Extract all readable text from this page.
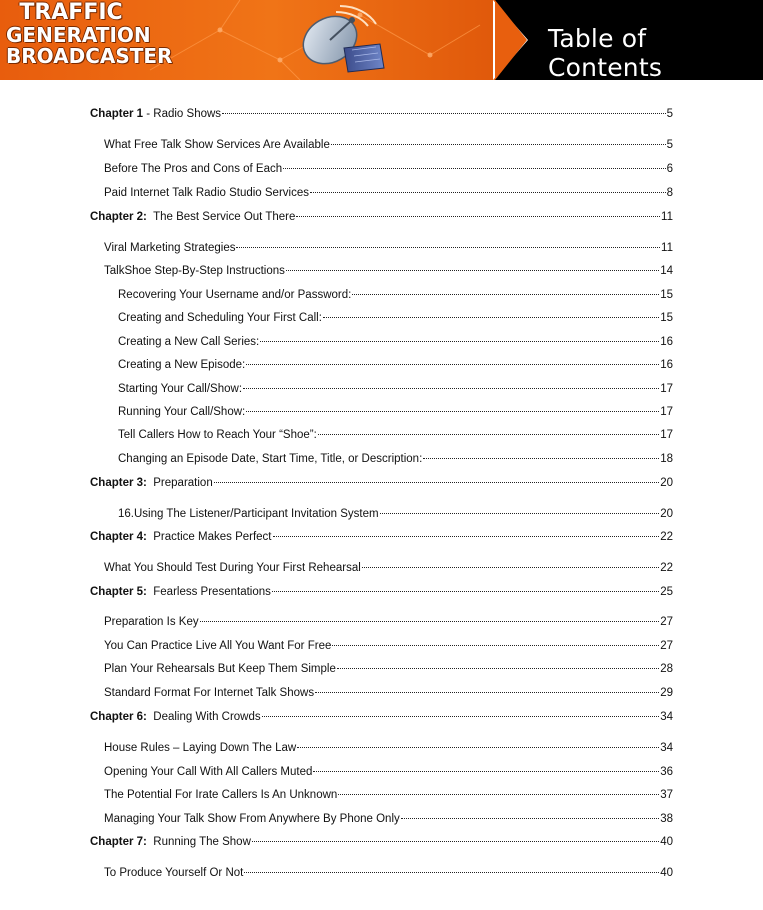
TRAFFIC
GENERATION
BROADCASTER
Table of Contents
Chapter 1 - Radio Shows	5
What Free Talk Show Services Are Available	5
Before The Pros and Cons of Each	6
Paid Internet Talk Radio Studio Services	8
Chapter 2: The Best Service Out There	11
Viral Marketing Strategies	11
TalkShoe Step-By-Step Instructions	14
Recovering Your Username and/or Password:	15
Creating and Scheduling Your First Call:	15
Creating a New Call Series:	16
Creating a New Episode:	16
Starting Your Call/Show:	17
Running Your Call/Show:	17
Tell Callers How to Reach Your “Shoe”:	17
Changing an Episode Date, Start Time, Title, or Description:	18
Chapter 3: Preparation	20
16.Using The Listener/Participant Invitation System	20
Chapter 4: Practice Makes Perfect	22
What You Should Test During Your First Rehearsal	22
Chapter 5: Fearless Presentations	25
Preparation Is Key	27
You Can Practice Live All You Want For Free	27
Plan Your Rehearsals But Keep Them Simple	28
Standard Format For Internet Talk Shows	29
Chapter 6: Dealing With Crowds	34
House Rules – Laying Down The Law	34
Opening Your Call With All Callers Muted	36
The Potential For Irate Callers Is An Unknown	37
Managing Your Talk Show From Anywhere By Phone Only	38
Chapter 7: Running The Show	40
To Produce Yourself Or Not	40
